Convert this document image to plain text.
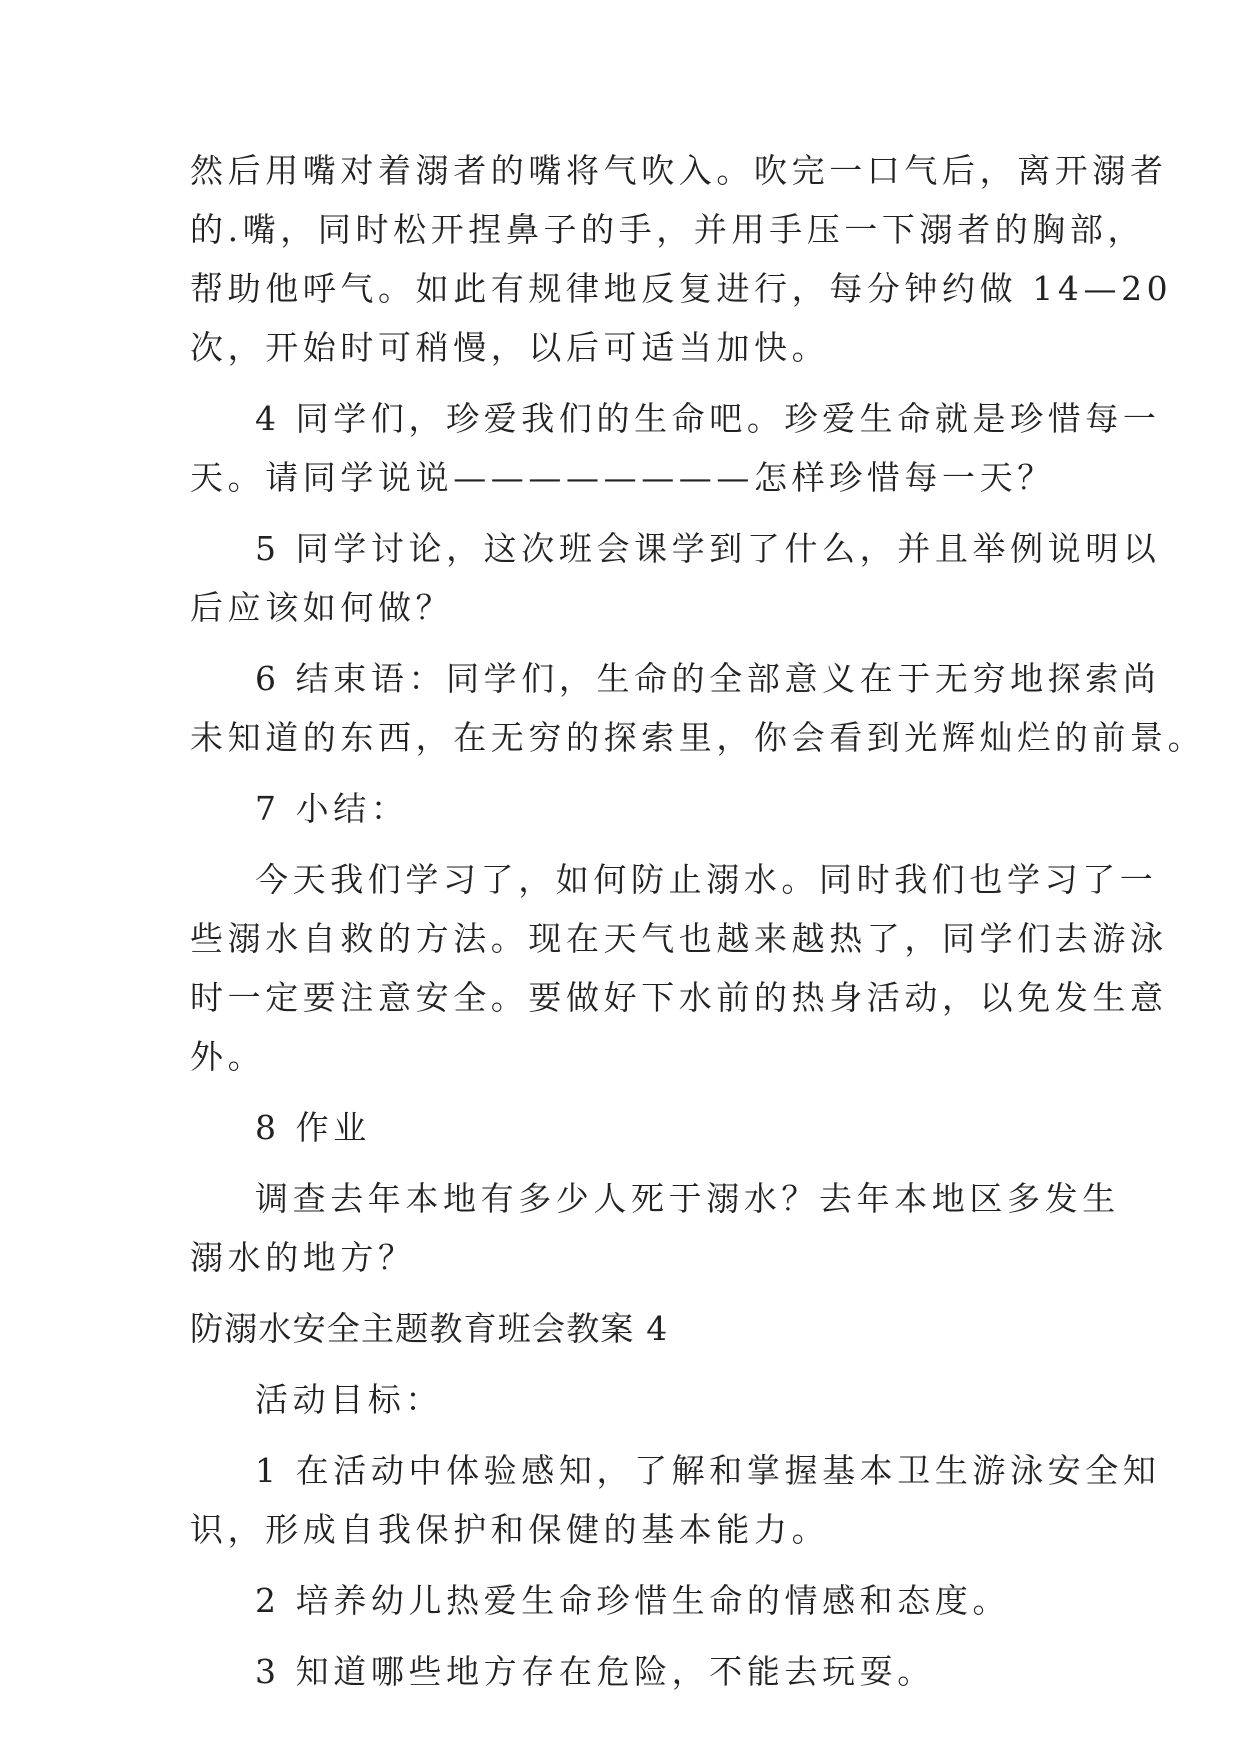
然后用嘴对着溺者的嘴将气吹入。吹完一口气后，离开溺者
的.嘴，同时松开捏鼻子的手，并用手压一下溺者的胸部，
帮助他呼气。如此有规律地反复进行，每分钟约做 14—20
次，开始时可稍慢，以后可适当加快。
4 同学们，珍爱我们的生命吧。珍爱生命就是珍惜每一
天。请同学说说————————怎样珍惜每一天？
5 同学讨论，这次班会课学到了什么，并且举例说明以
后应该如何做？
6 结束语：同学们，生命的全部意义在于无穷地探索尚
未知道的东西，在无穷的探索里，你会看到光辉灿烂的前景。
7 小结：
今天我们学习了，如何防止溺水。同时我们也学习了一
些溺水自救的方法。现在天气也越来越热了，同学们去游泳
时一定要注意安全。要做好下水前的热身活动，以免发生意
外。
8 作业
调查去年本地有多少人死于溺水？去年本地区多发生
溺水的地方？
防溺水安全主题教育班会教案 4
活动目标：
1 在活动中体验感知，了解和掌握基本卫生游泳安全知
识，形成自我保护和保健的基本能力。
2 培养幼儿热爱生命珍惜生命的情感和态度。
3 知道哪些地方存在危险，不能去玩耍。
